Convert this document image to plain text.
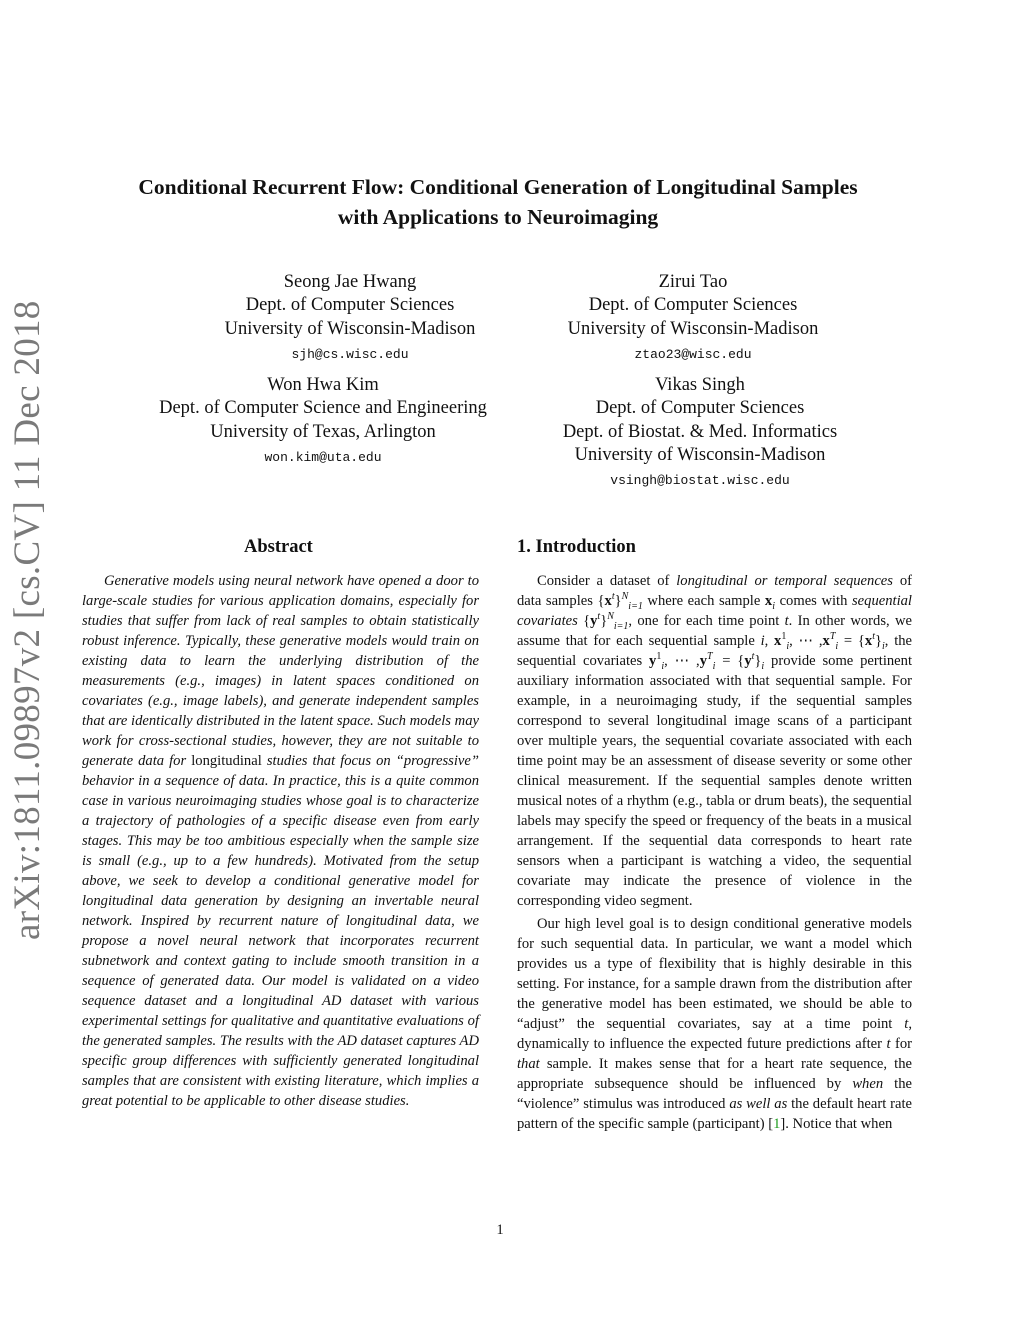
arXiv:1811.09897v2 [cs.CV] 11 Dec 2018
Conditional Recurrent Flow: Conditional Generation of Longitudinal Samples
with Applications to Neuroimaging
Seong Jae Hwang
Dept. of Computer Sciences
University of Wisconsin-Madison
sjh@cs.wisc.edu
Zirui Tao
Dept. of Computer Sciences
University of Wisconsin-Madison
ztao23@wisc.edu
Won Hwa Kim
Dept. of Computer Science and Engineering
University of Texas, Arlington
won.kim@uta.edu
Vikas Singh
Dept. of Computer Sciences
Dept. of Biostat. & Med. Informatics
University of Wisconsin-Madison
vsingh@biostat.wisc.edu
Abstract
Generative models using neural network have opened a door to large-scale studies for various application domains, especially for studies that suffer from lack of real samples to obtain statistically robust inference. Typically, these generative models would train on existing data to learn the underlying distribution of the measurements (e.g., images) in latent spaces conditioned on covariates (e.g., image labels), and generate independent samples that are identically distributed in the latent space. Such models may work for cross-sectional studies, however, they are not suitable to generate data for longitudinal studies that focus on “progressive” behavior in a sequence of data. In practice, this is a quite common case in various neuroimaging studies whose goal is to characterize a trajectory of pathologies of a specific disease even from early stages. This may be too ambitious especially when the sample size is small (e.g., up to a few hundreds). Motivated from the setup above, we seek to develop a conditional generative model for longitudinal data generation by designing an invertable neural network. Inspired by recurrent nature of longitudinal data, we propose a novel neural network that incorporates recurrent subnetwork and context gating to include smooth transition in a sequence of generated data. Our model is validated on a video sequence dataset and a longitudinal AD dataset with various experimental settings for qualitative and quantitative evaluations of the generated samples. The results with the AD dataset captures AD specific group differences with sufficiently generated longitudinal samples that are consistent with existing literature, which implies a great potential to be applicable to other disease studies.
1. Introduction

Consider a dataset of longitudinal or temporal sequences of data samples $\{x^t\}^N_{i=1}$ where each sample $x_i$ comes with sequential covariates $\{y^t\}^N_{i=1}$, one for each time point t. In other words, we assume that for each sequential sample i, $x^1_i$, ⋯ $,x^T_i = \{x^t\}_i$, the sequential covariates $y^1_i$, ⋯ $,y^T_i = \{y^t\}_i$ provide some pertinent auxiliary information associated with that sequential sample. For example, in a neuroimaging study, if the sequential samples correspond to several longitudinal image scans of a participant over multiple years, the sequential covariate associated with each time point may be an assessment of disease severity or some other clinical measurement. If the sequential samples denote written musical notes of a rhythm (e.g., tabla or drum beats), the sequential labels may specify the speed or frequency of the beats in a musical arrangement. If the sequential data corresponds to heart rate sensors when a participant is watching a video, the sequential covariate may indicate the presence of violence in the corresponding video segment.

Our high level goal is to design conditional generative models for such sequential data. In particular, we want a model which provides us a type of flexibility that is highly desirable in this setting. For instance, for a sample drawn from the distribution after the generative model has been estimated, we should be able to “adjust” the sequential covariates, say at a time point t, dynamically to influence the expected future predictions after t for that sample. It makes sense that for a heart rate sequence, the appropriate subsequence should be influenced by when the “violence” stimulus was introduced as well as the default heart rate pattern of the specific sample (participant) [1]. Notice that when

1
